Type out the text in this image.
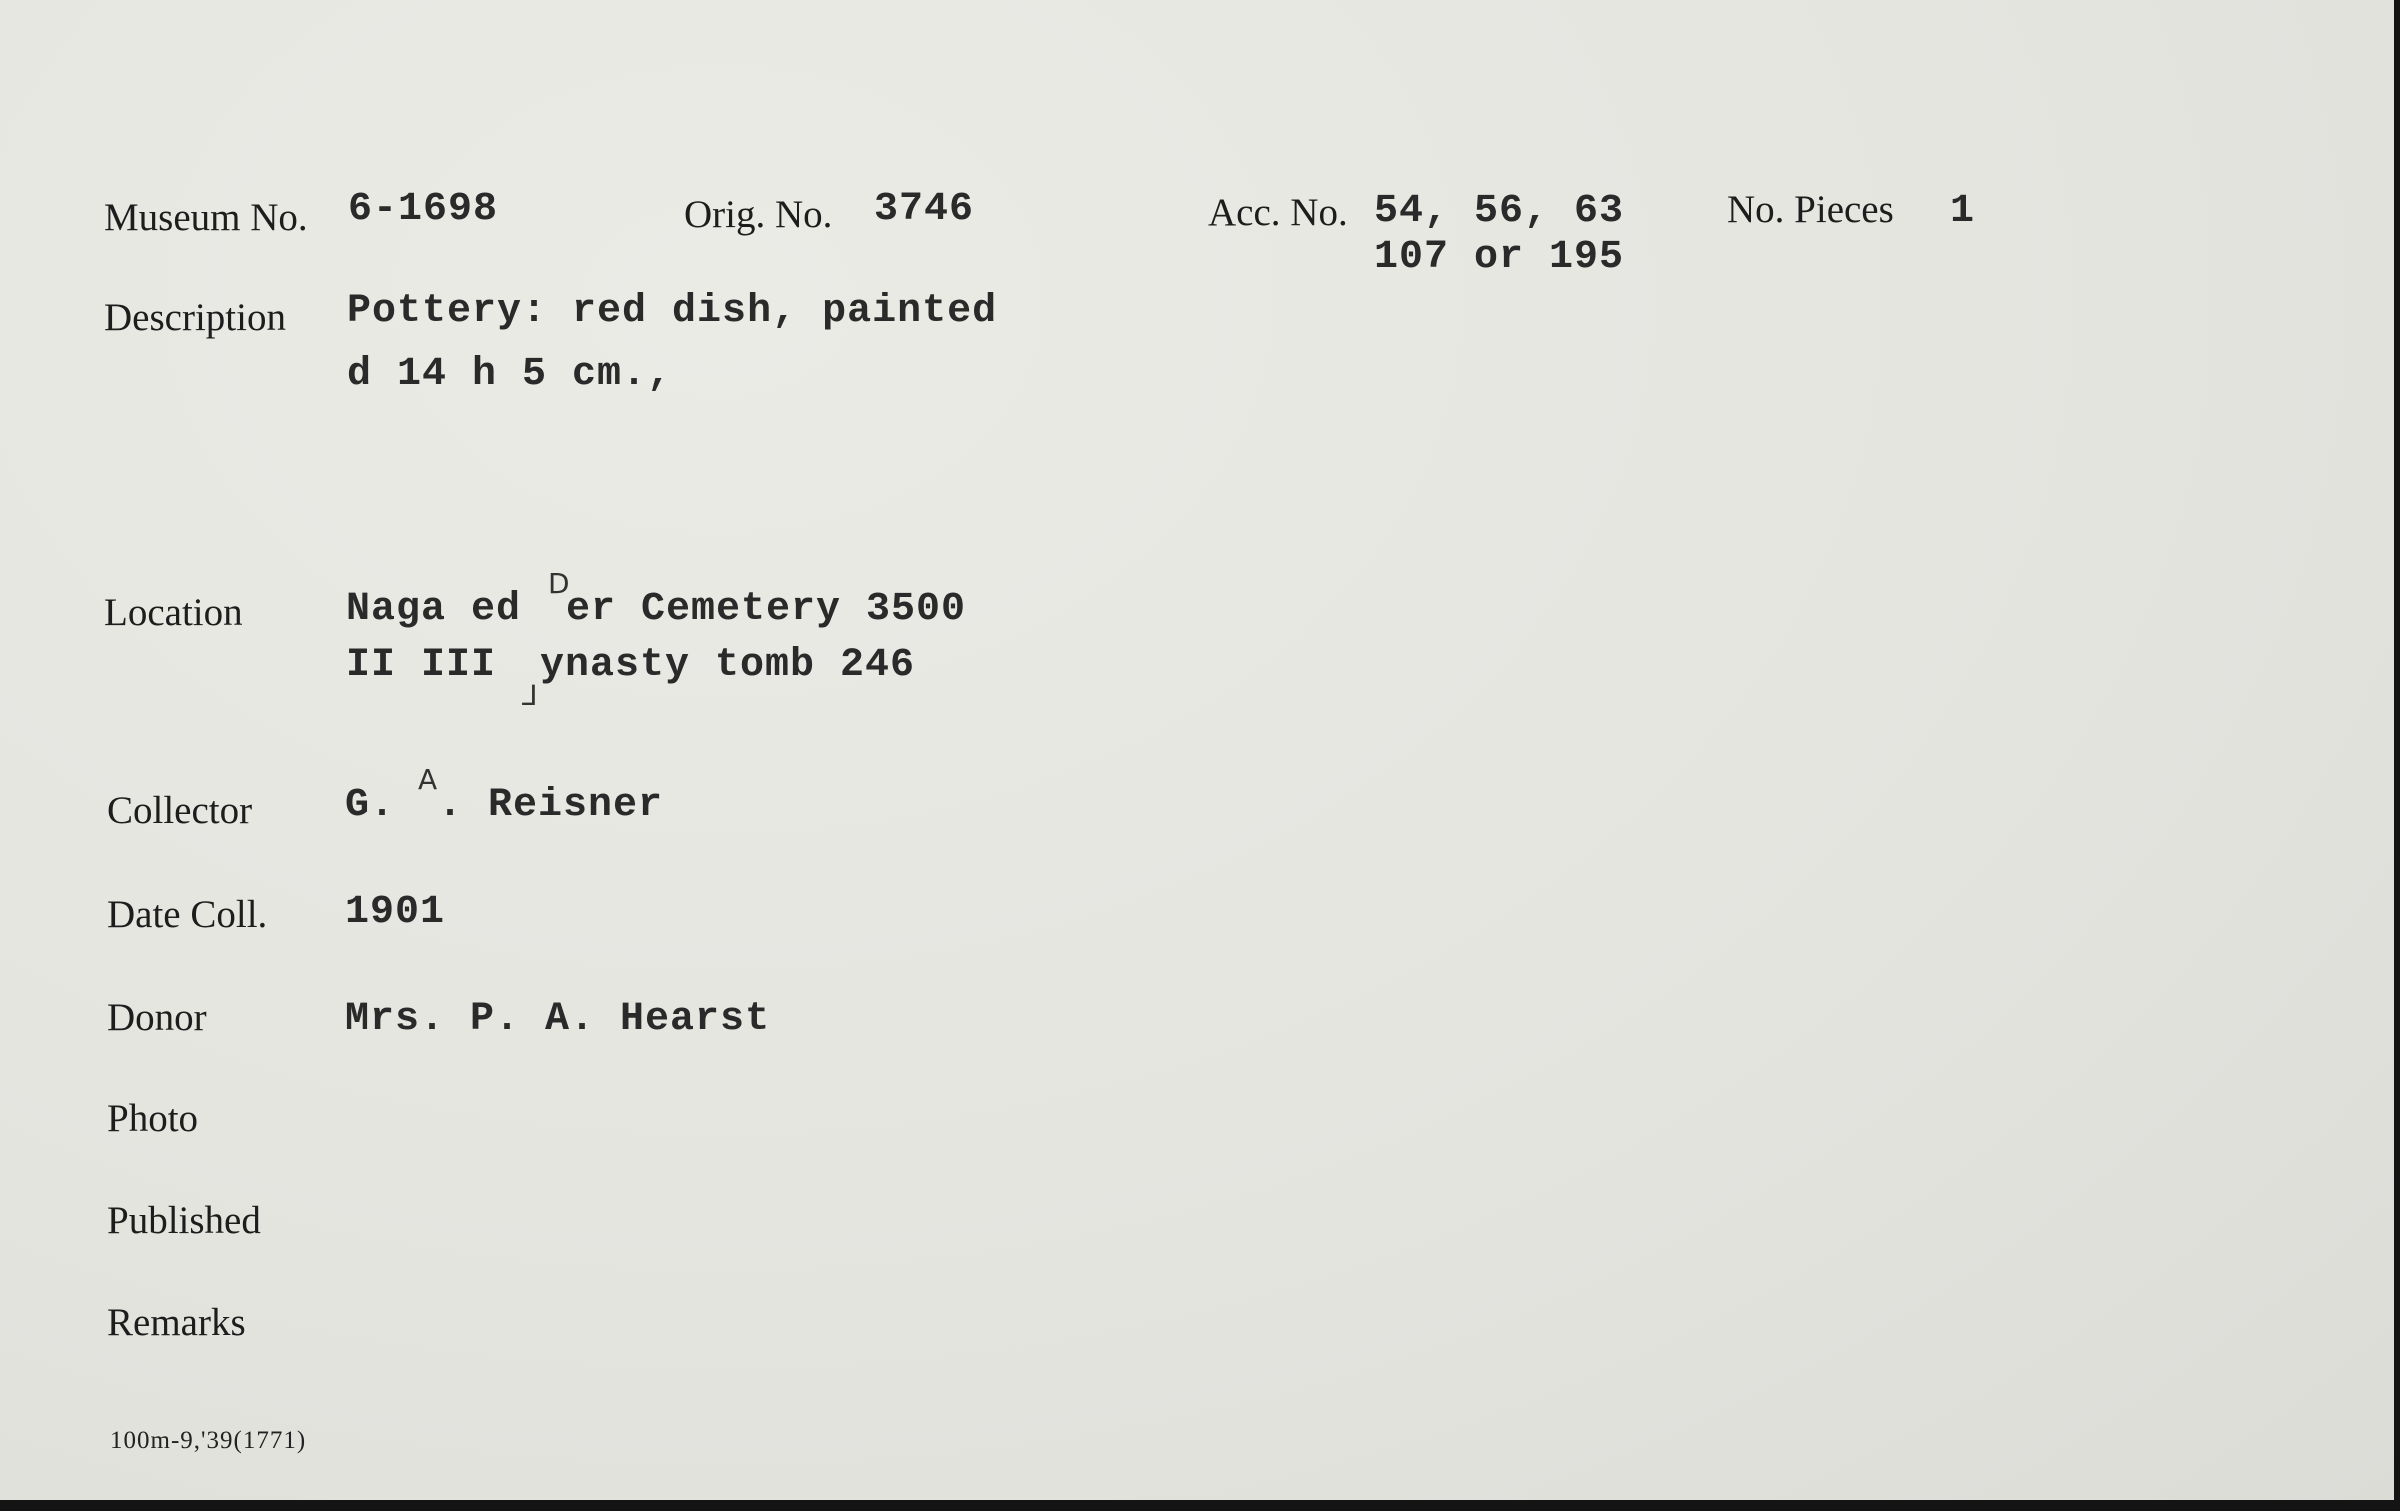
Museum No. 6-1698	Orig. No. 3746	Acc. No. 54, 56, 63
107 or 195
No. Pieces 1
Description Pottery: red dish, painted
d 14 h 5 cm.,
Location	Naga ed
D
er Cemetery 3500
II III
⅃
ynasty tomb 246
Collector G.
A
. Reisner
Date Coll. 1901
Donor	Mrs. P. A. Hearst
Photo
Published
Remarks
100m-9,'39(1771)
